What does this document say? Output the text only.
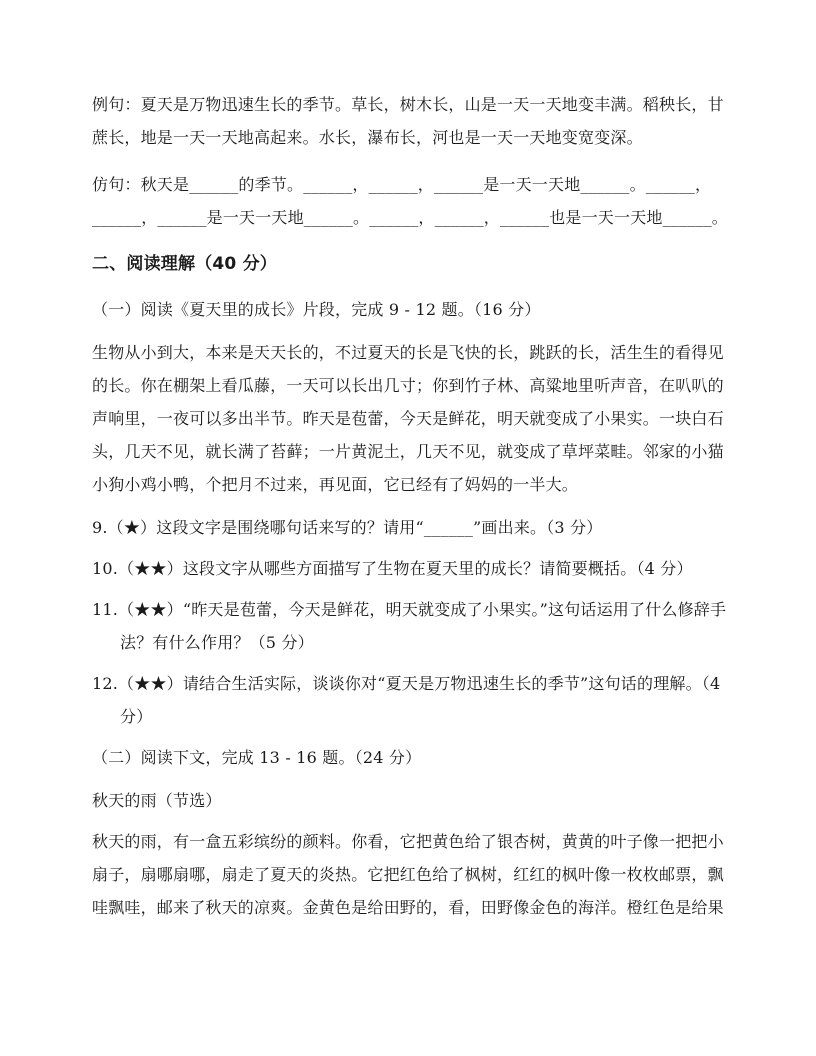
例句：夏天是万物迅速生长的季节。草长，树木长，山是一天一天地变丰满。稻秧长，甘蔗长，地是一天一天地高起来。水长，瀑布长，河也是一天一天地变宽变深。

仿句：秋天是______的季节。______，______，______是一天一天地______。______，______，______是一天一天地______。______，______，______也是一天一天地______。

二、阅读理解（40 分）

（一）阅读《夏天里的成长》片段，完成 9 - 12 题。（16 分）

生物从小到大，本来是天天长的，不过夏天的长是飞快的长，跳跃的长，活生生的看得见的长。你在棚架上看瓜藤，一天可以长出几寸；你到竹子林、高粱地里听声音，在叭叭的声响里，一夜可以多出半节。昨天是苞蕾，今天是鲜花，明天就变成了小果实。一块白石头，几天不见，就长满了苔藓；一片黄泥土，几天不见，就变成了草坪菜畦。邻家的小猫小狗小鸡小鸭，个把月不过来，再见面，它已经有了妈妈的一半大。

9.（★）这段文字是围绕哪句话来写的？请用“______”画出来。（3 分）

10.（★★）这段文字从哪些方面描写了生物在夏天里的成长？请简要概括。（4 分）

11.（★★）“昨天是苞蕾，今天是鲜花，明天就变成了小果实。”这句话运用了什么修辞手法？有什么作用？（5 分）

12.（★★）请结合生活实际，谈谈你对“夏天是万物迅速生长的季节”这句话的理解。（4 分）

（二）阅读下文，完成 13 - 16 题。（24 分）

秋天的雨（节选）

秋天的雨，有一盒五彩缤纷的颜料。你看，它把黄色给了银杏树，黄黄的叶子像一把把小扇子，扇哪扇哪，扇走了夏天的炎热。它把红色给了枫树，红红的枫叶像一枚枚邮票，飘哇飘哇，邮来了秋天的凉爽。金黄色是给田野的，看，田野像金色的海洋。橙红色是给果
